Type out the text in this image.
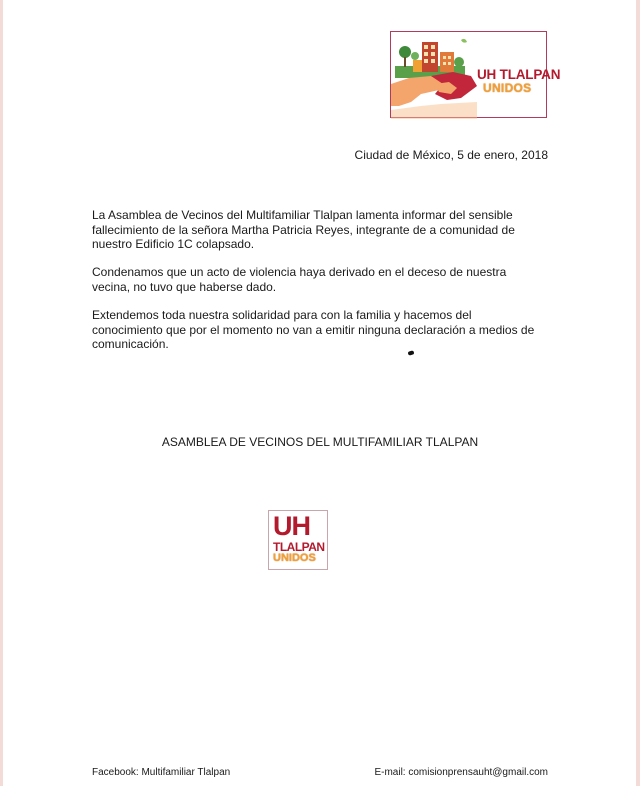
UH TLALPAN
UNIDOS
Ciudad de México, 5 de enero, 2018

La Asamblea de Vecinos del Multifamiliar Tlalpan lamenta informar del sensible fallecimiento de la señora Martha Patricia Reyes, integrante de a comunidad de nuestro Edificio 1C colapsado.

Condenamos que un acto de violencia haya derivado en el deceso de nuestra vecina, no tuvo que haberse dado.

Extendemos toda nuestra solidaridad para con la familia y hacemos del conocimiento que por el momento no van a emitir ninguna declaración a medios de comunicación.

ASAMBLEA DE VECINOS DEL MULTIFAMILIAR TLALPAN
UH
TLALPAN
UNIDOS
Facebook: Multifamiliar Tlalpan	E-mail: comisionprensauht@gmail.com
